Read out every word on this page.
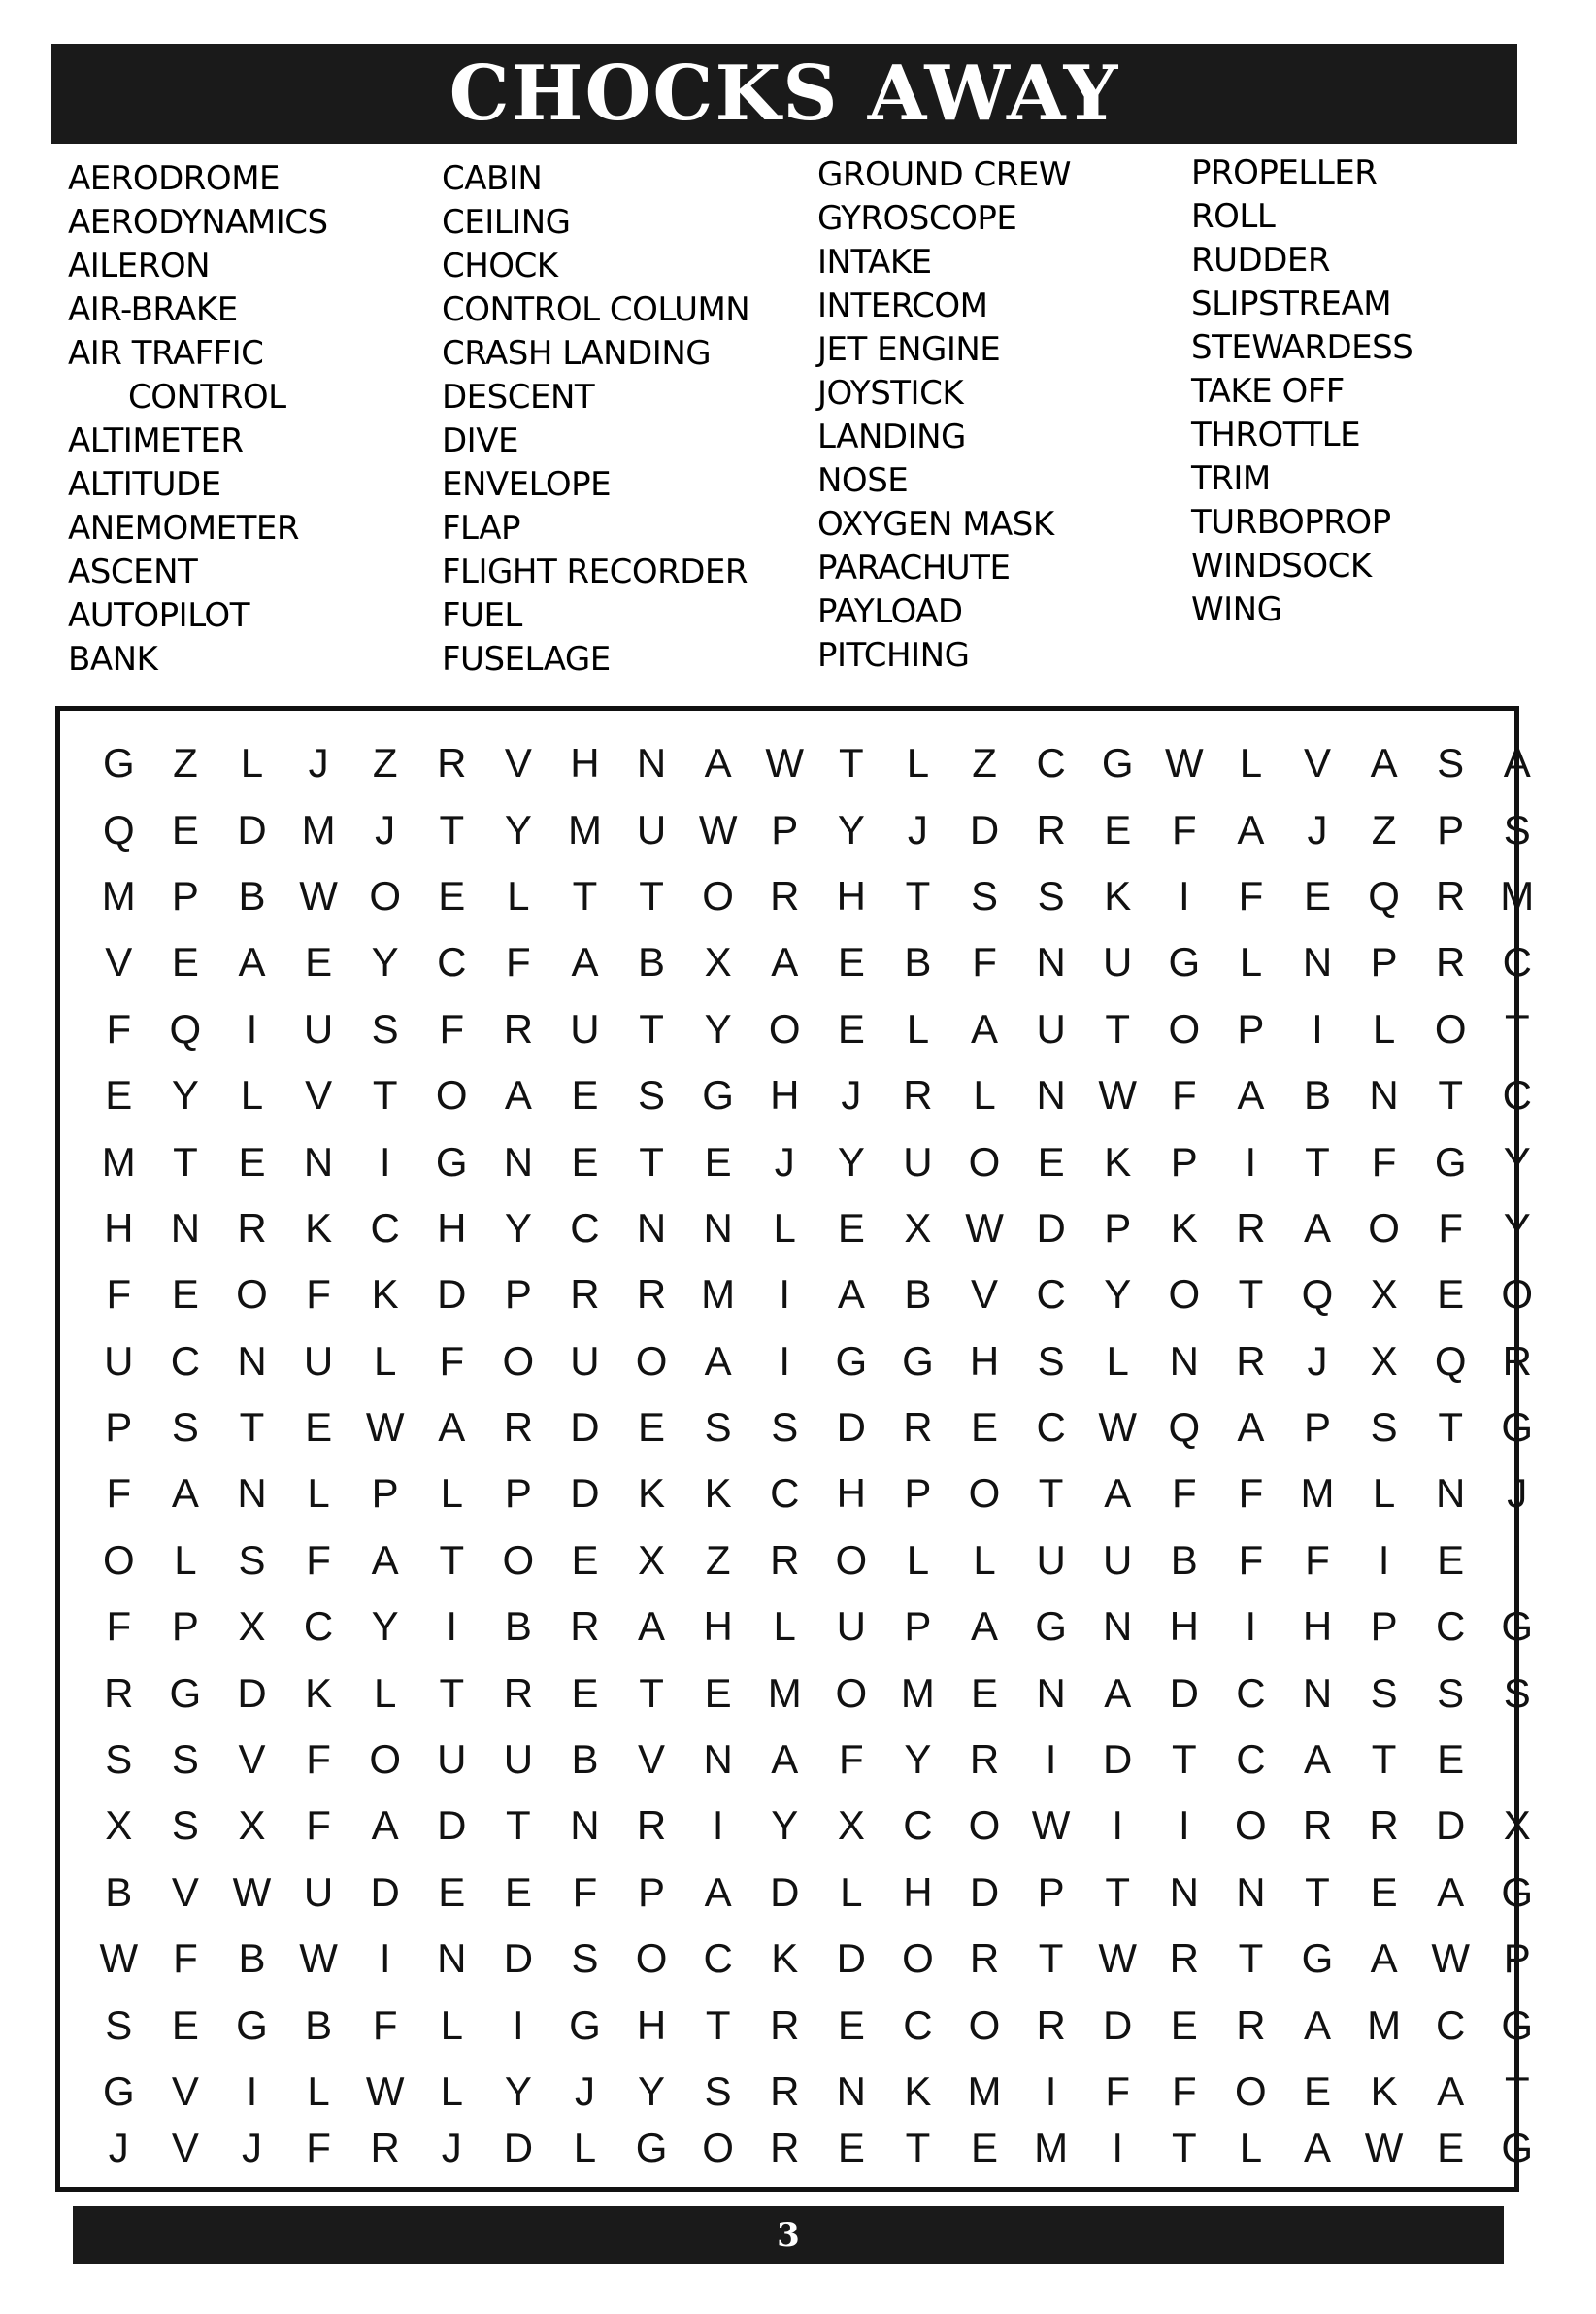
CHOCKS AWAY
AERODROME
AERODYNAMICS
AILERON
AIR-BRAKE
AIR TRAFFIC
CONTROL
ALTIMETER
ALTITUDE
ANEMOMETER
ASCENT
AUTOPILOT
BANK
CABIN
CEILING
CHOCK
CONTROL COLUMN
CRASH LANDING
DESCENT
DIVE
ENVELOPE
FLAP
FLIGHT RECORDER
FUEL
FUSELAGE
GROUND CREW
GYROSCOPE
INTAKE
INTERCOM
JET ENGINE
JOYSTICK
LANDING
NOSE
OXYGEN MASK
PARACHUTE
PAYLOAD
PITCHING
PROPELLER
ROLL
RUDDER
SLIPSTREAM
STEWARDESS
TAKE OFF
THROTTLE
TRIM
TURBOPROP
WINDSOCK
WING
G Z	L	J	Z R V H N A W T	L	Z C G W L	V A S A
Q E D M J	T Y M U W P Y	J	D R E F A	J	Z P S
M P B W O E	L	T	T O R H T S S K	I	F E Q R M
V E A E Y C F A B X A E B F N U G L N P R C
F Q	I	U S F R U T Y O E	L	A U T O P	I	L O T
E Y	L	V T O A E S G H	J	R L N W F A B N T C
M T E N	I	G N E T E	J	Y U O E K P	I	T	F G Y
H N R K C H Y C N N L	E X W D P K R A O F Y
F E O F K D P R R M	I	A B V C Y O T Q X E O
U C N U L	F O U O A	I	G G H S	L N R	J	X Q R
P S T E W A R D E S S D R E C W Q A P S T G
F A N L	P	L	P D K K C H P O T A F	F M L N	J
O L	S F A T O E X Z R O L	L U U B F	F	I	E	I
F P X C Y	I	B R A H L U P A G N H	I	H P C G
R G D K	L	T R E T E M O M E N A D C N S S S
S S V F O U U B V N A F Y R	I	D T C A T E	I
X S X F A D T N R	I	Y X C O W	I	I	O R R D X
B V W U D E E F P A D L H D P T N N T E A G
W F B W	I	N D S O C K D O R T W R T G A W P
S E G B F	L	I	G H T R E C O R D E R A M C G
G V	I	L W L	Y	J	Y S R N K M	I	F	F O E K A T
J	V	J	F R	J	D L G O R E T E M	I	T	L	A W E G
3
